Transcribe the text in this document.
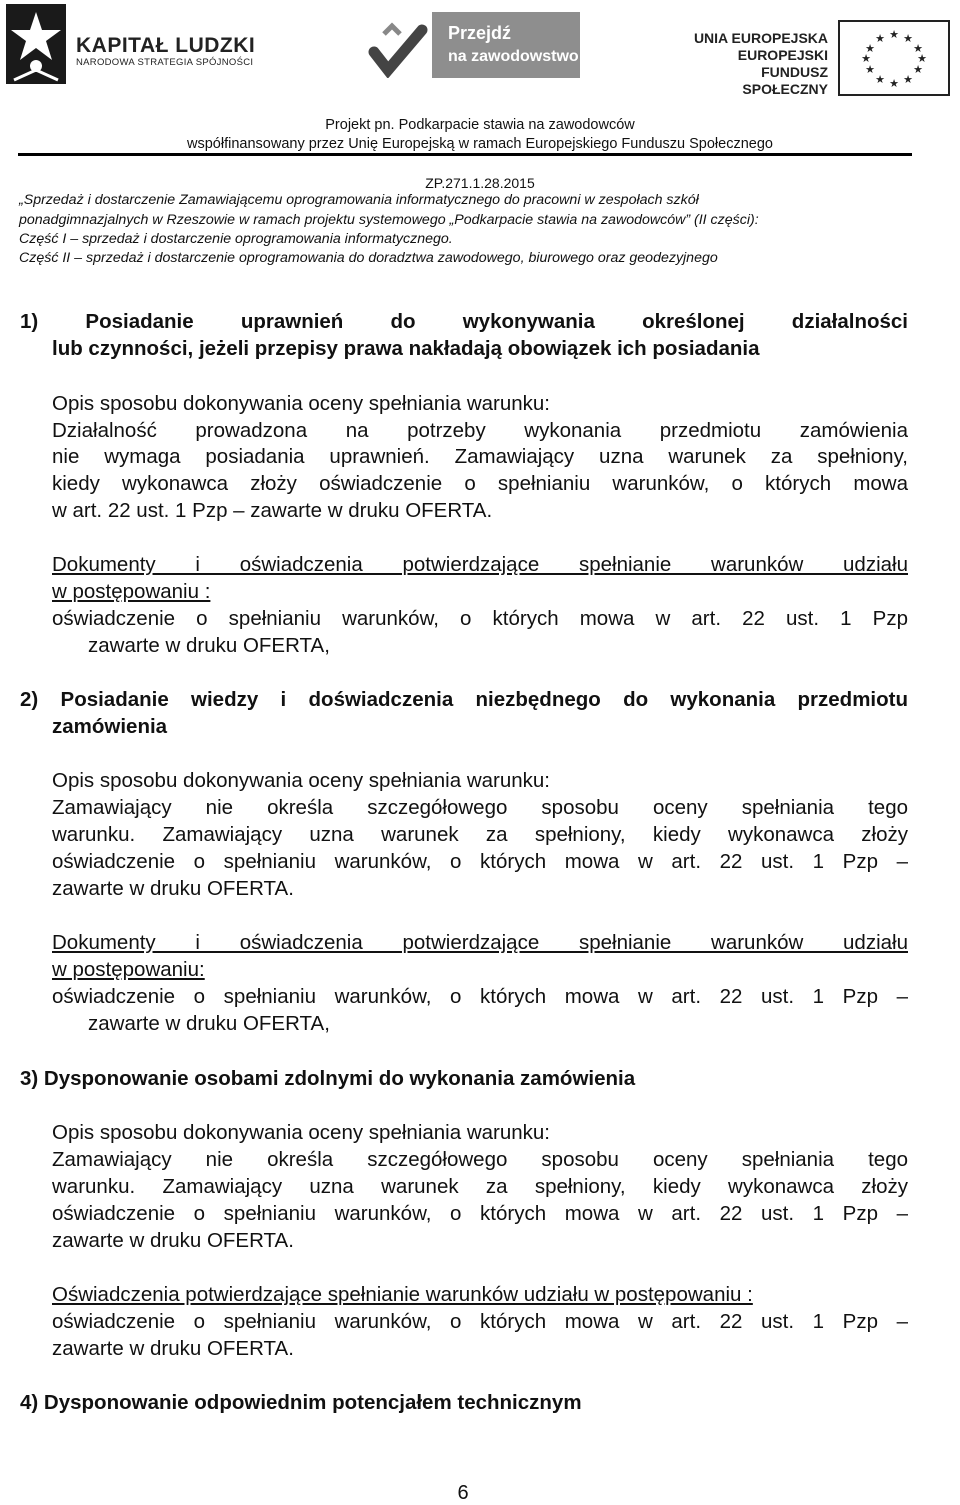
KAPITAŁ LUDZKI
NARODOWA STRATEGIA SPÓJNOŚCI
Przejdź
na zawodowstwo
UNIA EUROPEJSKA
EUROPEJSKI
FUNDUSZ SPOŁECZNY
★ ★
★
★
★
★
★
★
★
★
★
★
Projekt pn. Podkarpacie stawia na zawodowców
współfinansowany przez Unię Europejską w ramach Europejskiego Funduszu Społecznego
ZP.271.1.28.2015
„Sprzedaż i dostarczenie Zamawiającemu oprogramowania informatycznego do pracowni w zespołach szkół
ponadgimnazjalnych w Rzeszowie w ramach projektu systemowego „Podkarpacie stawia na zawodowców” (II części):
Część I – sprzedaż i dostarczenie oprogramowania informatycznego.
Część II – sprzedaż i dostarczenie oprogramowania do doradztwa zawodowego, biurowego oraz geodezyjnego
1) Posiadanie uprawnień do wykonywania określonej działalności
lub czynności, jeżeli przepisy prawa nakładają obowiązek ich posiadania
Opis sposobu dokonywania oceny spełniania warunku:
Działalność prowadzona na potrzeby wykonania przedmiotu zamówienia
nie wymaga posiadania uprawnień. Zamawiający uzna warunek za spełniony,
kiedy wykonawca złoży oświadczenie o spełnianiu warunków, o których mowa
w art. 22 ust. 1 Pzp – zawarte w druku OFERTA.
Dokumenty i oświadczenia potwierdzające spełnianie warunków udziału
w postępowaniu :
oświadczenie o spełnianiu warunków, o których mowa w art. 22 ust. 1 Pzp
zawarte w druku OFERTA,
2) Posiadanie wiedzy i doświadczenia niezbędnego do wykonania przedmiotu
zamówienia
Opis sposobu dokonywania oceny spełniania warunku:
Zamawiający nie określa szczegółowego sposobu oceny spełniania tego
warunku. Zamawiający uzna warunek za spełniony, kiedy wykonawca złoży
oświadczenie o spełnianiu warunków, o których mowa w art. 22 ust. 1 Pzp –
zawarte w druku OFERTA.
Dokumenty i oświadczenia potwierdzające spełnianie warunków udziału
w postępowaniu:
oświadczenie o spełnianiu warunków, o których mowa w art. 22 ust. 1 Pzp –
zawarte w druku OFERTA,
3) Dysponowanie osobami zdolnymi do wykonania zamówienia
Opis sposobu dokonywania oceny spełniania warunku:
Zamawiający nie określa szczegółowego sposobu oceny spełniania tego
warunku. Zamawiający uzna warunek za spełniony, kiedy wykonawca złoży
oświadczenie o spełnianiu warunków, o których mowa w art. 22 ust. 1 Pzp –
zawarte w druku OFERTA.
Oświadczenia potwierdzające spełnianie warunków udziału w postępowaniu :
oświadczenie o spełnianiu warunków, o których mowa w art. 22 ust. 1 Pzp –
zawarte w druku OFERTA.
4) Dysponowanie odpowiednim potencjałem technicznym
6
